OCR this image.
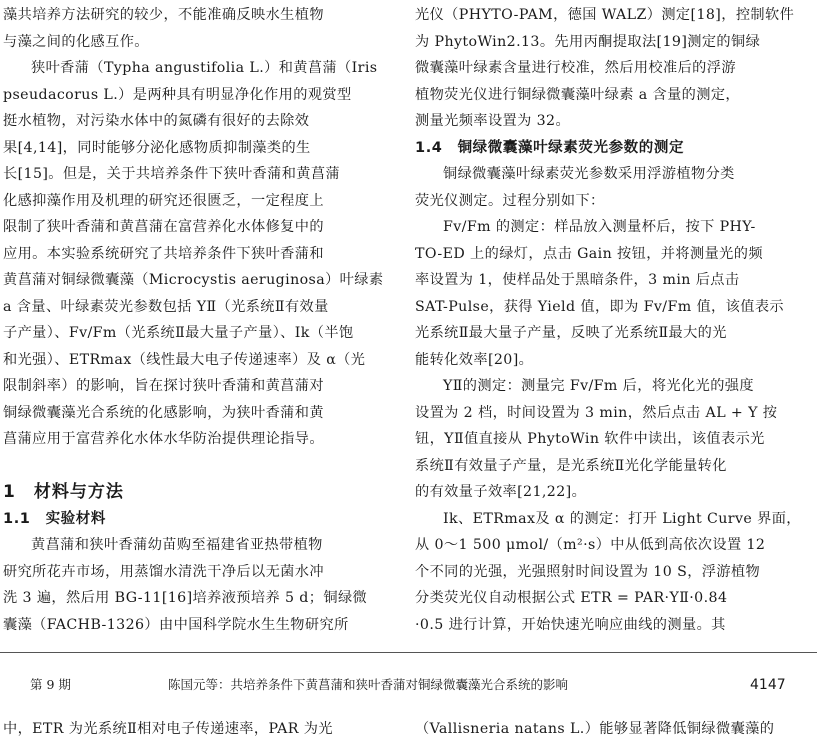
藻共培养方法研究的较少，不能准确反映水生植物
与藻之间的化感互作。
狭叶香蒲（Typha angustifolia L.）和黄菖蒲（Iris
pseudacorus L.）是两种具有明显净化作用的观赏型
挺水植物，对污染水体中的氮磷有很好的去除效
果[4,14]，同时能够分泌化感物质抑制藻类的生
长[15]。但是，关于共培养条件下狭叶香蒲和黄菖蒲
化感抑藻作用及机理的研究还很匮乏，一定程度上
限制了狭叶香蒲和黄菖蒲在富营养化水体修复中的
应用。本实验系统研究了共培养条件下狭叶香蒲和
黄菖蒲对铜绿微囊藻（Microcystis aeruginosa）叶绿素
a 含量、叶绿素荧光参数包括 YⅡ（光系统Ⅱ有效量
子产量）、Fv/Fm（光系统Ⅱ最大量子产量）、Ik（半饱
和光强）、ETRmax（线性最大电子传递速率）及 α（光
限制斜率）的影响，旨在探讨狭叶香蒲和黄菖蒲对
铜绿微囊藻光合系统的化感影响，为狭叶香蒲和黄
菖蒲应用于富营养化水体水华防治提供理论指导。
1　材料与方法
1.1　实验材料
黄菖蒲和狭叶香蒲幼苗购至福建省亚热带植物
研究所花卉市场，用蒸馏水清洗干净后以无菌水冲
洗 3 遍，然后用 BG-11[16]培养液预培养 5 d；铜绿微
囊藻（FACHB-1326）由中国科学院水生生物研究所
光仪（PHYTO-PAM，德国 WALZ）测定[18]，控制软件
为 PhytoWin2.13。先用丙酮提取法[19]测定的铜绿
微囊藻叶绿素含量进行校准，然后用校准后的浮游
植物荧光仪进行铜绿微囊藻叶绿素 a 含量的测定，
测量光频率设置为 32。
1.4　铜绿微囊藻叶绿素荧光参数的测定
铜绿微囊藻叶绿素荧光参数采用浮游植物分类
荧光仪测定。过程分别如下：
Fv/Fm 的测定：样品放入测量杯后，按下 PHY-
TO-ED 上的绿灯，点击 Gain 按钮，并将测量光的频
率设置为 1，使样品处于黑暗条件，3 min 后点击
SAT-Pulse，获得 Yield 值，即为 Fv/Fm 值，该值表示
光系统Ⅱ最大量子产量，反映了光系统Ⅱ最大的光
能转化效率[20]。
YⅡ的测定：测量完 Fv/Fm 后，将光化光的强度
设置为 2 档，时间设置为 3 min，然后点击 AL + Y 按
钮，YⅡ值直接从 PhytoWin 软件中读出，该值表示光
系统Ⅱ有效量子产量，是光系统Ⅱ光化学能量转化
的有效量子效率[21,22]。
Ik、ETRmax及 α 的测定：打开 Light Curve 界面，
从 0～1 500 μmol/（m²·s）中从低到高依次设置 12
个不同的光强，光强照射时间设置为 10 S，浮游植物
分类荧光仪自动根据公式 ETR = PAR·YⅡ·0.84
·0.5 进行计算，开始快速光响应曲线的测量。其
第 9 期	陈国元等：共培养条件下黄菖蒲和狭叶香蒲对铜绿微囊藻光合系统的影响	4147
中，ETR 为光系统Ⅱ相对电子传递速率，PAR 为光	（Vallisneria natans L.）能够显著降低铜绿微囊藻的
